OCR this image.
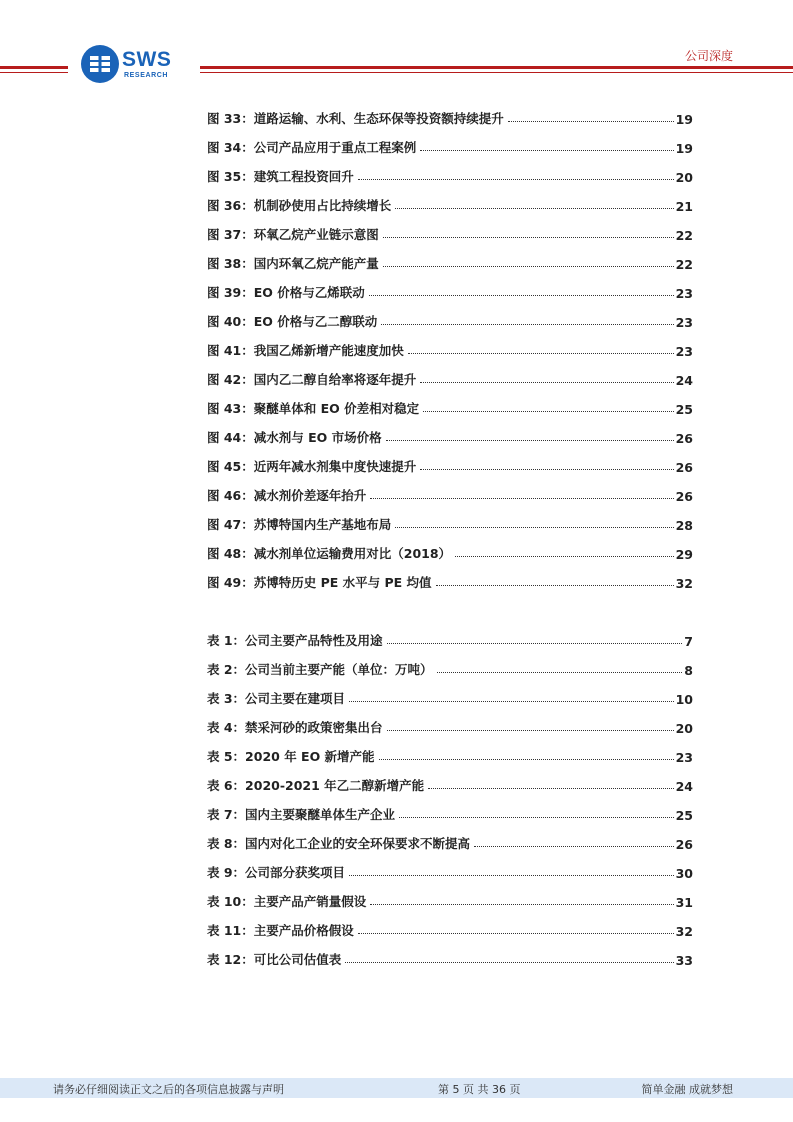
SWS
RESEARCH
公司深度
图 33：道路运输、水利、生态环保等投资额持续提升	19
图 34：公司产品应用于重点工程案例	19
图 35：建筑工程投资回升	20
图 36：机制砂使用占比持续增长	21
图 37：环氧乙烷产业链示意图	22
图 38：国内环氧乙烷产能产量	22
图 39：EO 价格与乙烯联动	23
图 40：EO 价格与乙二醇联动	23
图 41：我国乙烯新增产能速度加快	23
图 42：国内乙二醇自给率将逐年提升	24
图 43：聚醚单体和 EO 价差相对稳定	25
图 44：减水剂与 EO 市场价格	26
图 45：近两年减水剂集中度快速提升	26
图 46：减水剂价差逐年抬升	26
图 47：苏博特国内生产基地布局	28
图 48：减水剂单位运输费用对比（2018）	29
图 49：苏博特历史 PE 水平与 PE 均值	32
表 1：公司主要产品特性及用途	7
表 2：公司当前主要产能（单位：万吨）	8
表 3：公司主要在建项目	10
表 4：禁采河砂的政策密集出台	20
表 5：2020 年 EO 新增产能	23
表 6：2020-2021 年乙二醇新增产能	24
表 7：国内主要聚醚单体生产企业	25
表 8：国内对化工企业的安全环保要求不断提高	26
表 9：公司部分获奖项目	30
表 10：主要产品产销量假设	31
表 11：主要产品价格假设	32
表 12：可比公司估值表	33
请务必仔细阅读正文之后的各项信息披露与声明	第 5 页 共 36 页	简单金融 成就梦想
